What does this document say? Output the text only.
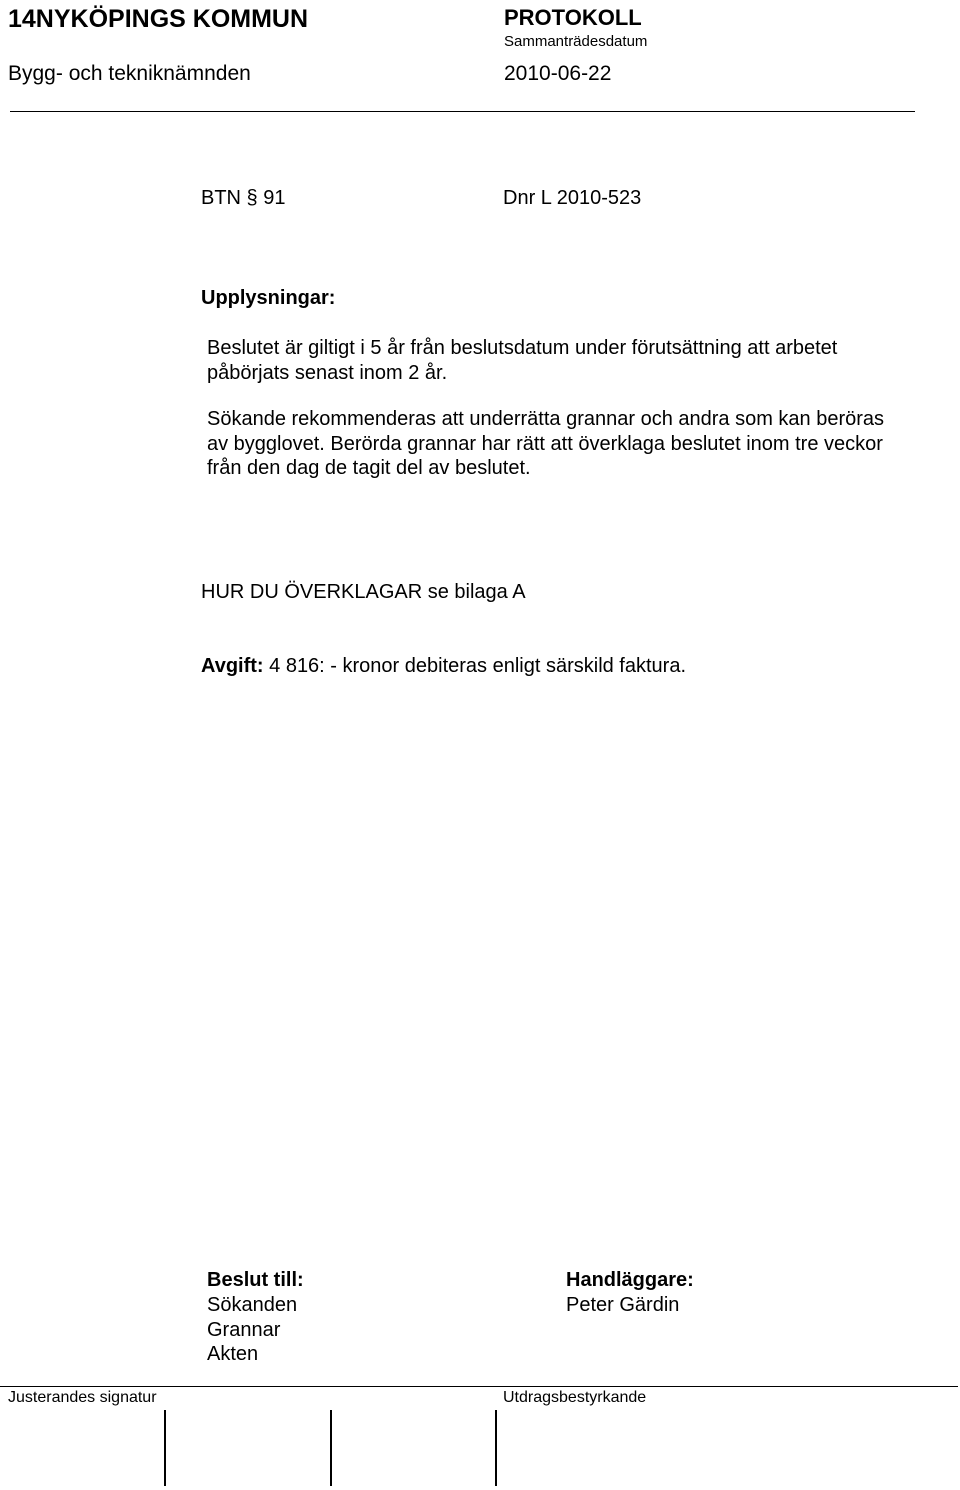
14NYKÖPINGS KOMMUN
Bygg- och tekniknämnden
PROTOKOLL
Sammanträdesdatum
2010-06-22
BTN § 91	Dnr L 2010-523
Upplysningar:
Beslutet är giltigt i 5 år från beslutsdatum under förutsättning att arbetet påbörjats senast inom 2 år.
Sökande rekommenderas att underrätta grannar och andra som kan beröras av bygglovet. Berörda grannar har rätt att överklaga beslutet inom tre veckor från den dag de tagit del av beslutet.
HUR DU ÖVERKLAGAR se bilaga A
Avgift: 4 816: - kronor debiteras enligt särskild faktura.
Beslut till:
Sökanden
Grannar
Akten
Handläggare:
Peter Gärdin
Justerandes signatur	Utdragsbestyrkande
